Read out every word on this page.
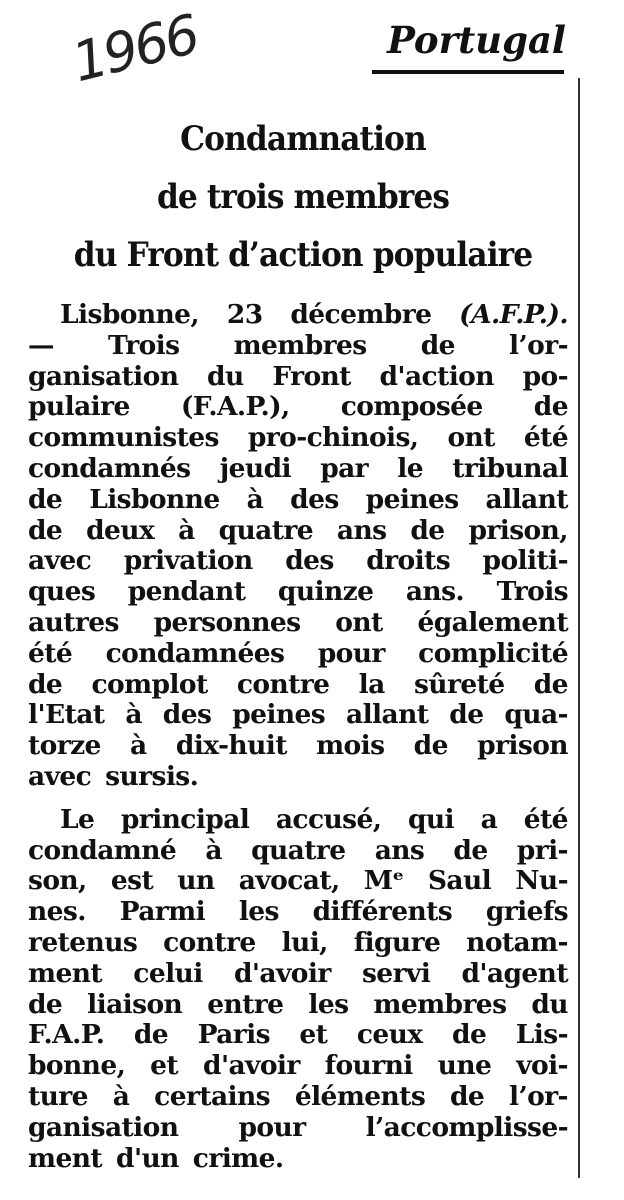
1966	Portugal
Condamnation
de trois membres
du Front d’action populaire
Lisbonne, 23 décembre (A.F.P.).
— Trois membres de l’or-
ganisation du Front d'action po-
pulaire (F.A.P.), composée de
communistes pro-chinois, ont été
condamnés jeudi par le tribunal
de Lisbonne à des peines allant
de deux à quatre ans de prison,
avec privation des droits politi-
ques pendant quinze ans. Trois
autres personnes ont également
été condamnées pour complicité
de complot contre la sûreté de
l'Etat à des peines allant de qua-
torze à dix-huit mois de prison
avec sursis.
Le principal accusé, qui a été
condamné à quatre ans de pri-
son, est un avocat, Mᵉ Saul Nu-
nes. Parmi les différents griefs
retenus contre lui, figure notam-
ment celui d'avoir servi d'agent
de liaison entre les membres du
F.A.P. de Paris et ceux de Lis-
bonne, et d'avoir fourni une voi-
ture à certains éléments de l’or-
ganisation pour l’accomplisse-
ment d'un crime.
